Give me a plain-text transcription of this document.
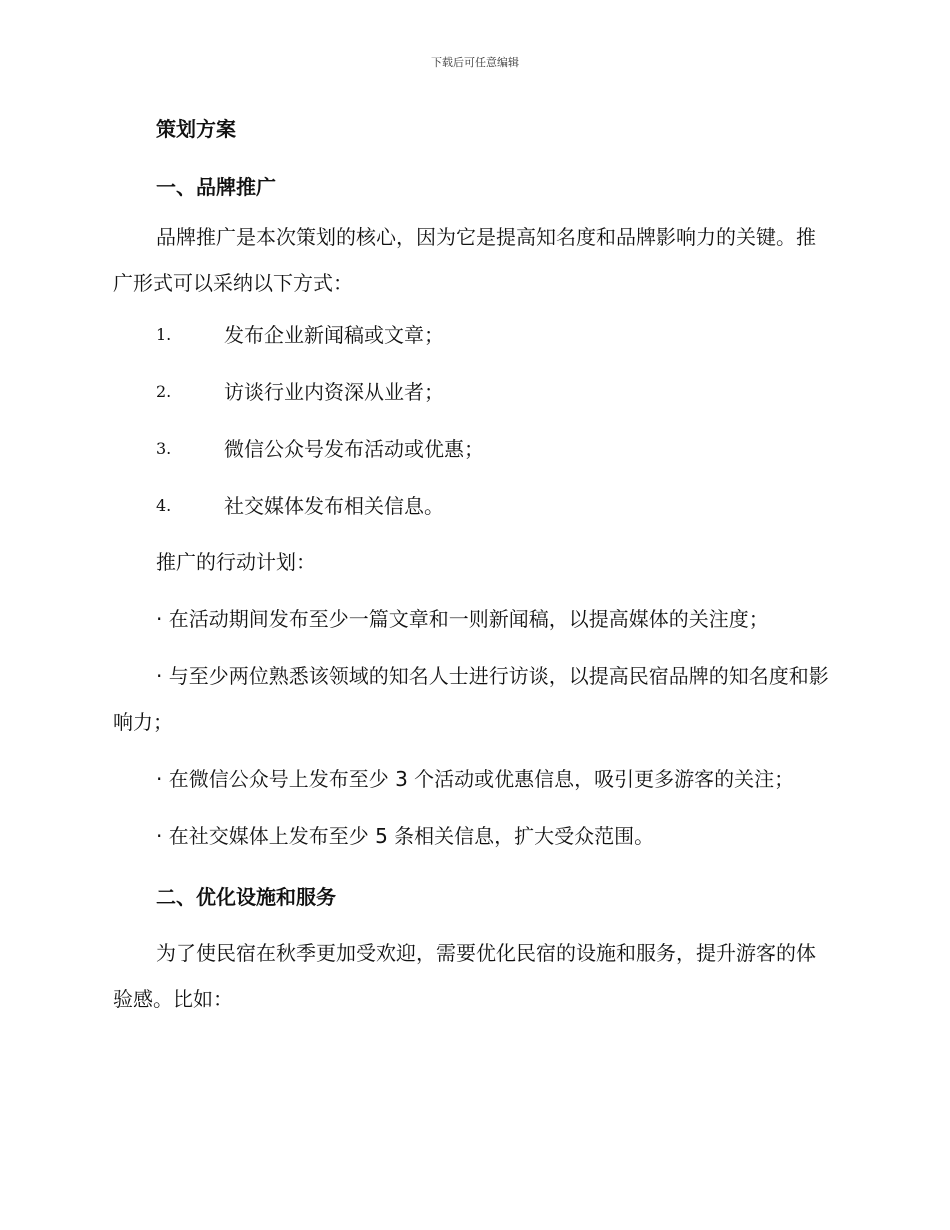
下载后可任意编辑
策划方案
一、品牌推广
品牌推广是本次策划的核心，因为它是提高知名度和品牌影响力的关键。推广形式可以采纳以下方式：
1.	发布企业新闻稿或文章；
2.	访谈行业内资深从业者；
3.	微信公众号发布活动或优惠；
4.	社交媒体发布相关信息。
推广的行动计划：
· 在活动期间发布至少一篇文章和一则新闻稿，以提高媒体的关注度；
· 与至少两位熟悉该领域的知名人士进行访谈，以提高民宿品牌的知名度和影响力；
· 在微信公众号上发布至少 3 个活动或优惠信息，吸引更多游客的关注；
· 在社交媒体上发布至少 5 条相关信息，扩大受众范围。
二、优化设施和服务
为了使民宿在秋季更加受欢迎，需要优化民宿的设施和服务，提升游客的体验感。比如：
